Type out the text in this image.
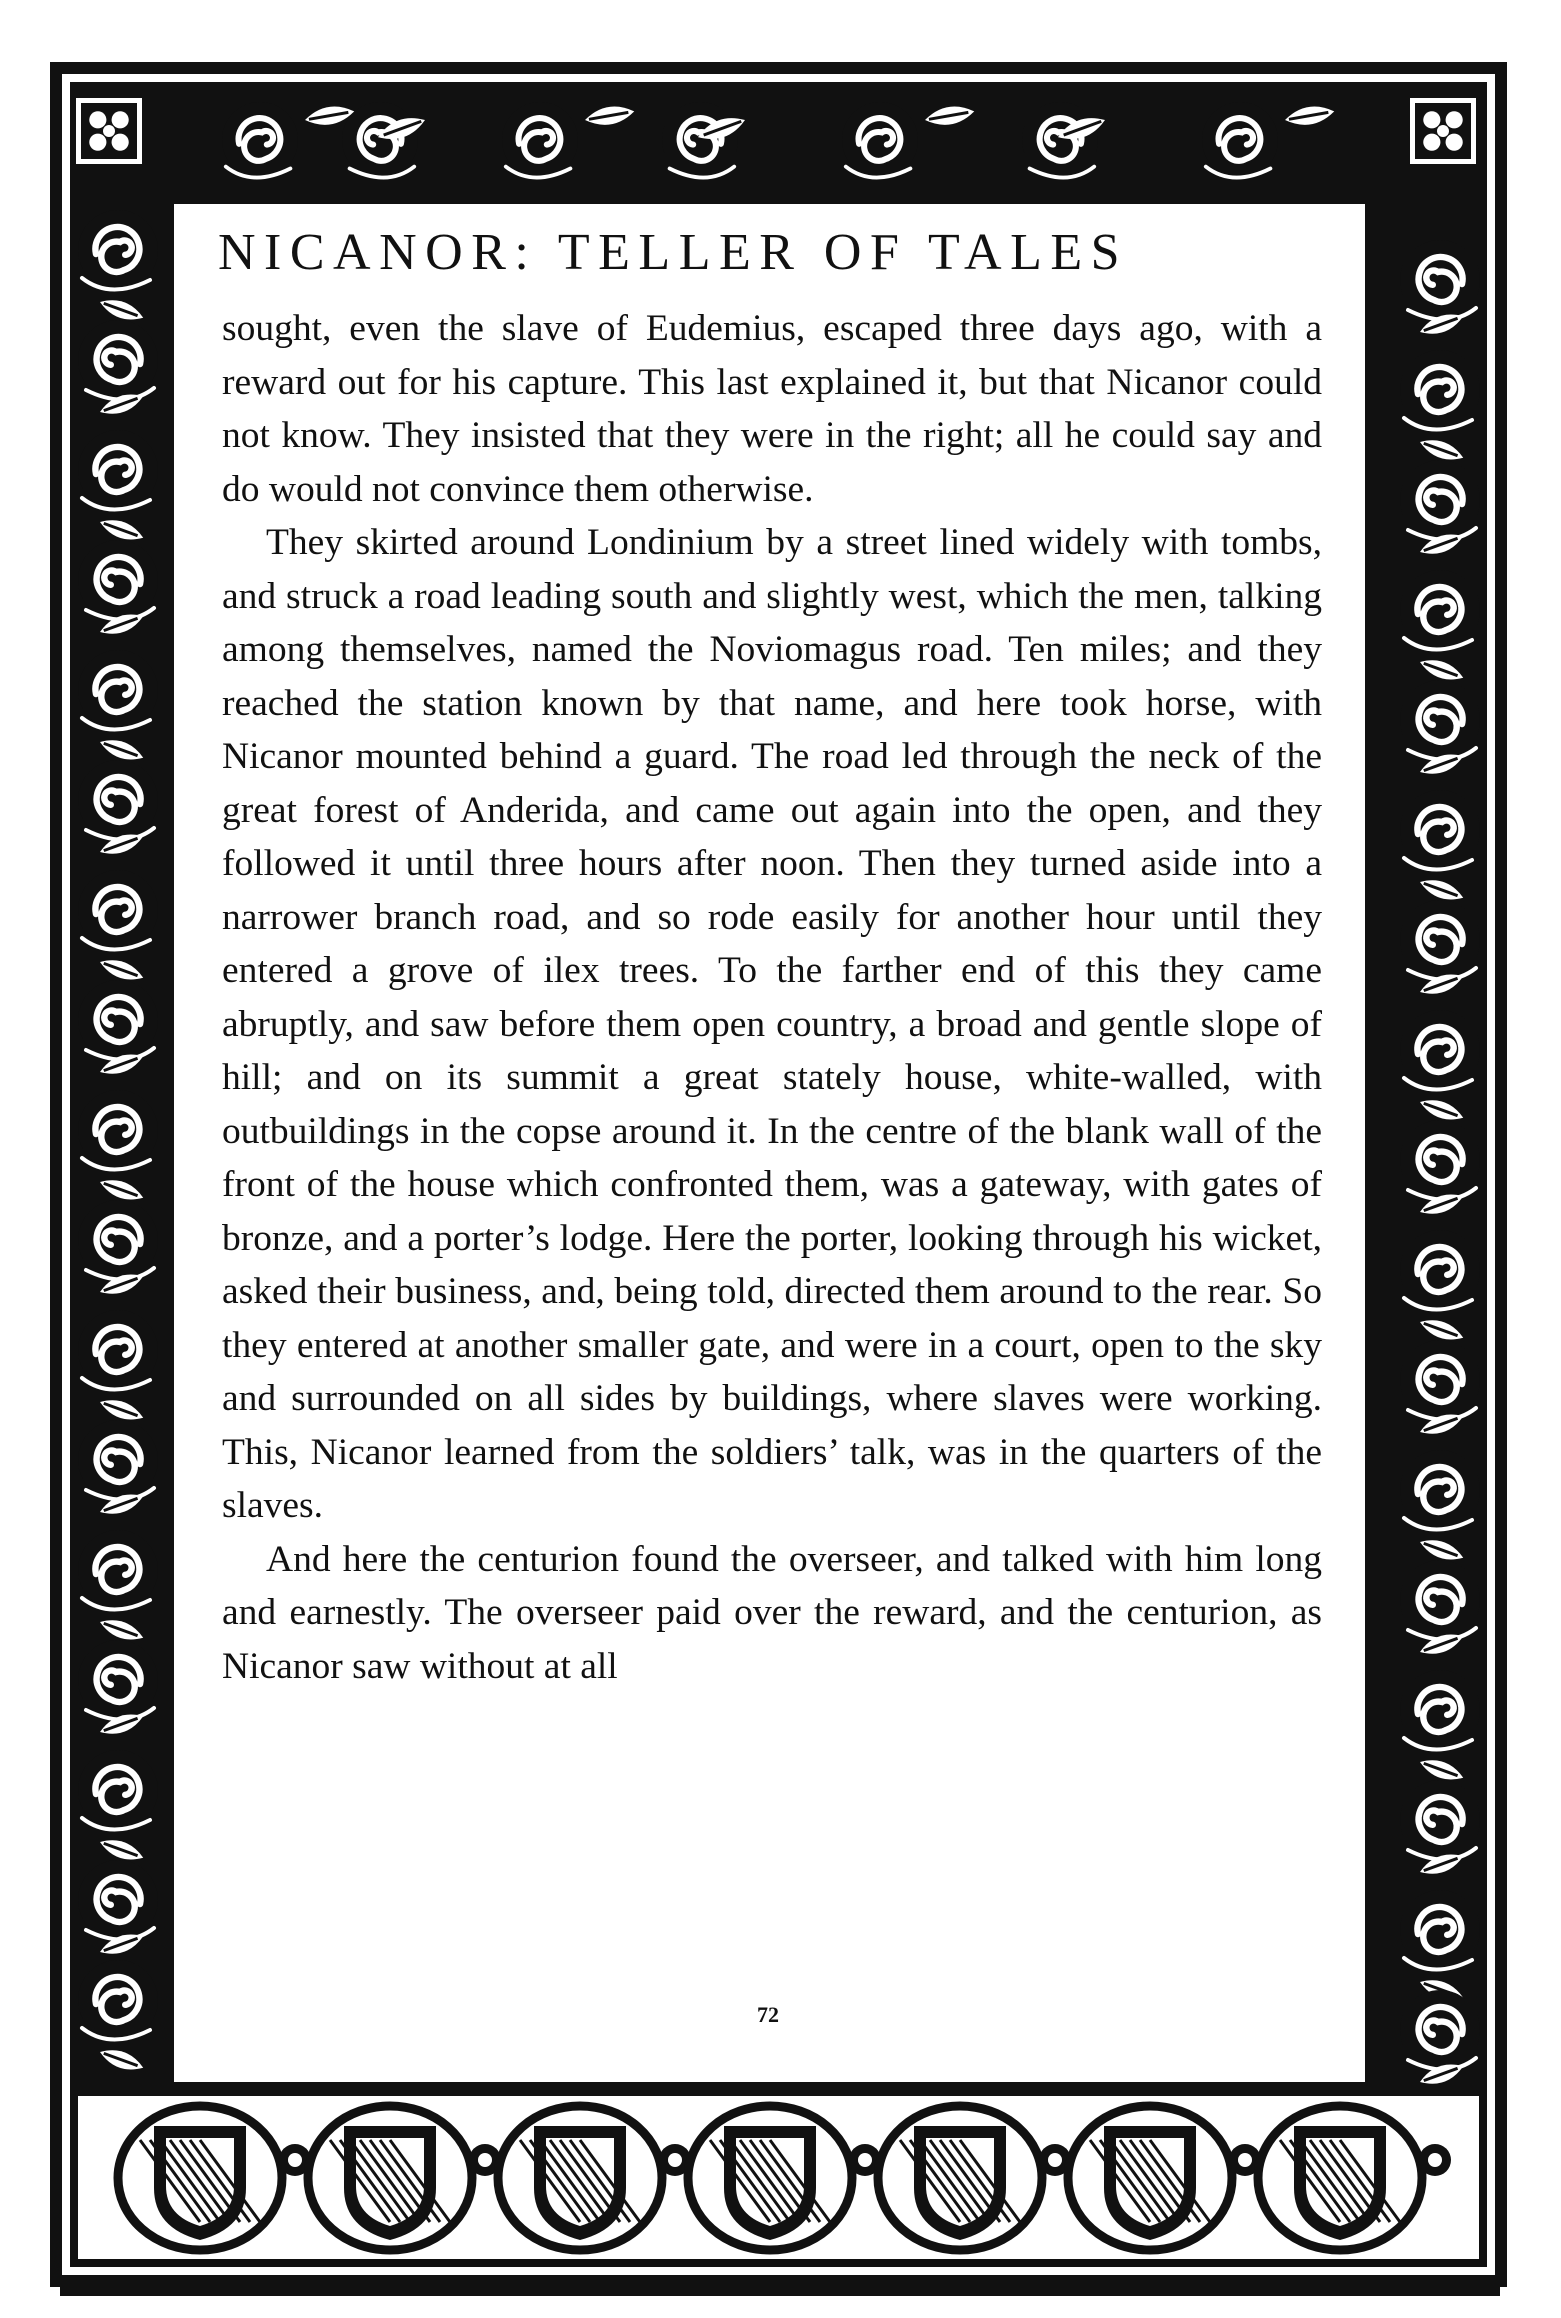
NICANOR: TELLER OF TALES

sought, even the slave of Eudemius, escaped three days ago, with a reward out for his capture. This last explained it, but that Nicanor could not know. They insisted that they were in the right; all he could say and do would not convince them otherwise.

They skirted around Londinium by a street lined widely with tombs, and struck a road leading south and slightly west, which the men, talking among themselves, named the Noviomagus road. Ten miles; and they reached the station known by that name, and here took horse, with Nicanor mounted behind a guard. The road led through the neck of the great forest of Anderida, and came out again into the open, and they followed it until three hours after noon. Then they turned aside into a narrower branch road, and so rode easily for another hour until they entered a grove of ilex trees. To the farther end of this they came abruptly, and saw before them open country, a broad and gentle slope of hill; and on its summit a great stately house, white-walled, with outbuildings in the copse around it. In the centre of the blank wall of the front of the house which confronted them, was a gateway, with gates of bronze, and a porter’s lodge. Here the porter, looking through his wicket, asked their business, and, being told, directed them around to the rear. So they entered at another smaller gate, and were in a court, open to the sky and surrounded on all sides by buildings, where slaves were working. This, Nicanor learned from the soldiers’ talk, was in the quarters of the slaves.

And here the centurion found the overseer, and talked with him long and earnestly. The overseer paid over the reward, and the centurion, as Nicanor saw without at all

72
